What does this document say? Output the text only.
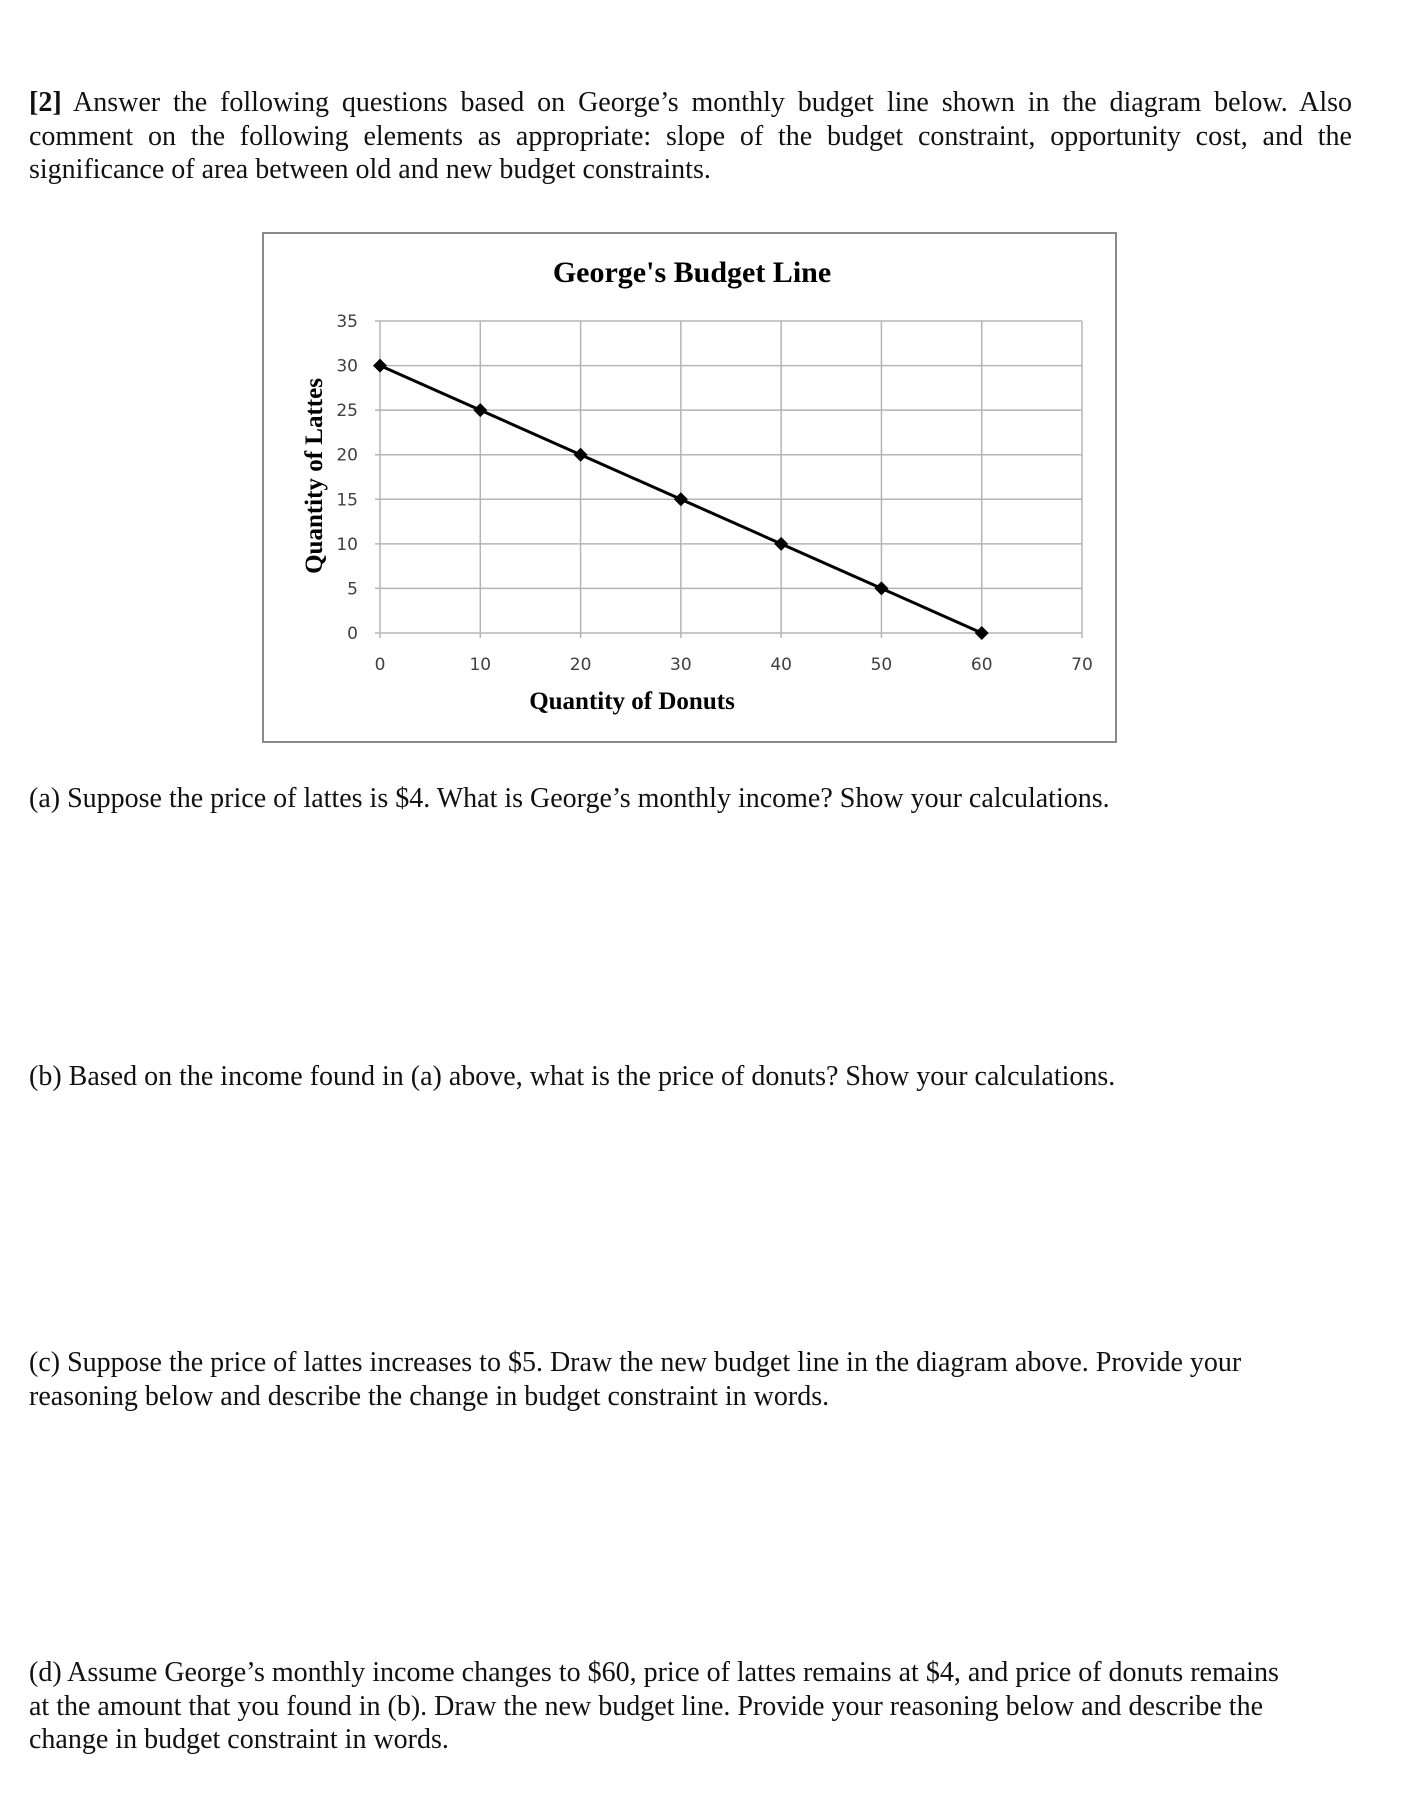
[2] Answer the following questions based on George’s monthly budget line shown in the diagram below. Also comment on the following elements as appropriate: slope of the budget constraint, opportunity cost, and the significance of area between old and new budget constraints.

0
5
10
15
20
25
30
35
0	10	20	30	40	50	60	70
George's Budget Line
Quantity of Donuts
Quantity of Lattes
(a) Suppose the price of lattes is $4. What is George’s monthly income? Show your calculations.
(b) Based on the income found in (a) above, what is the price of donuts? Show your calculations.
(c) Suppose the price of lattes increases to $5. Draw the new budget line in the diagram above. Provide your
reasoning below and describe the change in budget constraint in words.
(d) Assume George’s monthly income changes to $60, price of lattes remains at $4, and price of donuts remains
at the amount that you found in (b). Draw the new budget line. Provide your reasoning below and describe the
change in budget constraint in words.
